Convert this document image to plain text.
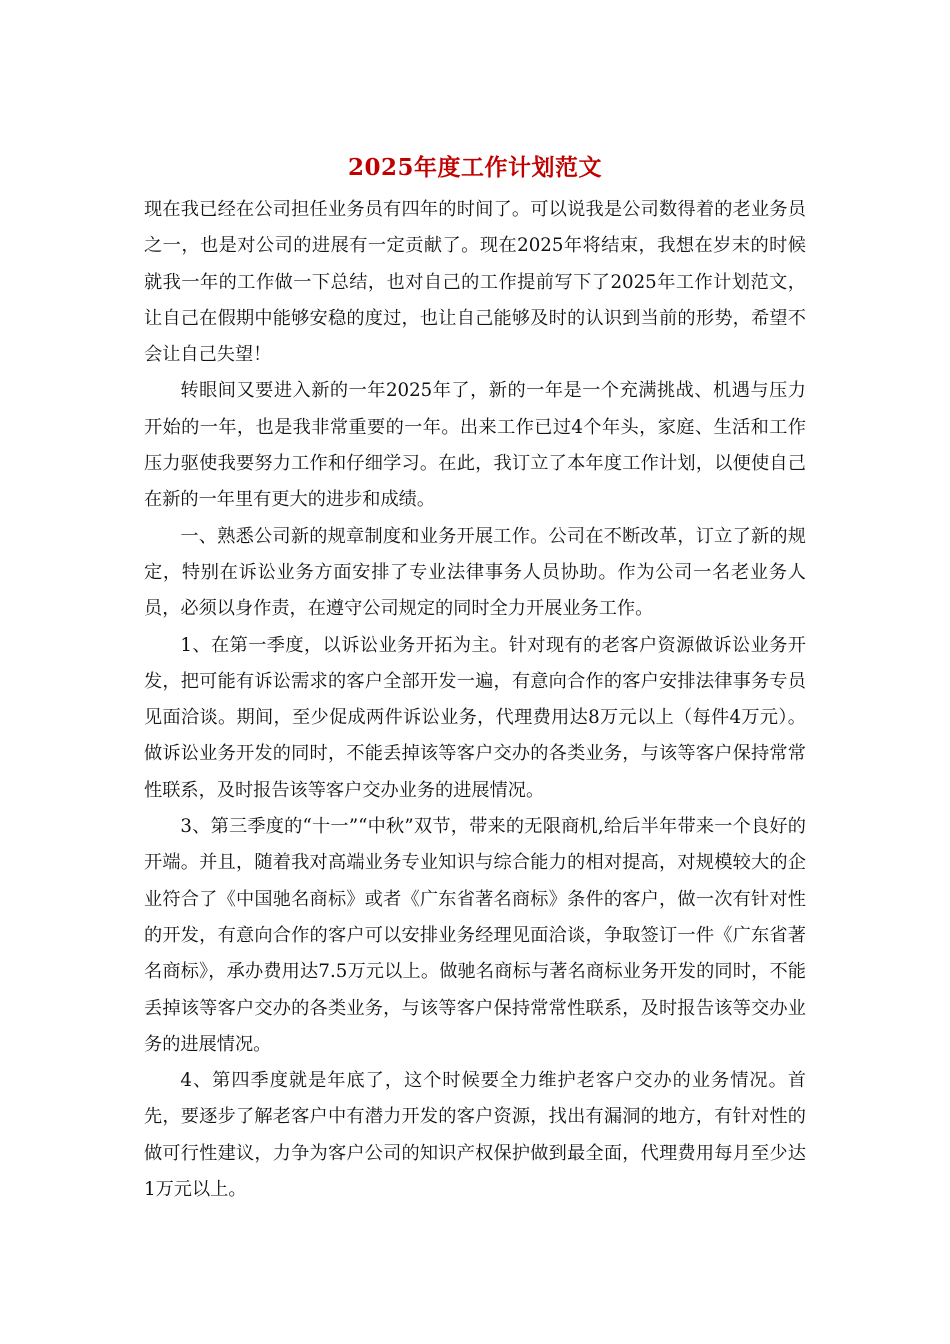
2025年度工作计划范文

现在我已经在公司担任业务员有四年的时间了。可以说我是公司数得着的老业务员之一，也是对公司的进展有一定贡献了。现在2025年将结束，我想在岁末的时候就我一年的工作做一下总结，也对自己的工作提前写下了2025年工作计划范文，让自己在假期中能够安稳的度过，也让自己能够及时的认识到当前的形势，希望不会让自己失望！

转眼间又要进入新的一年2025年了，新的一年是一个充满挑战、机遇与压力开始的一年，也是我非常重要的一年。出来工作已过4个年头，家庭、生活和工作压力驱使我要努力工作和仔细学习。在此，我订立了本年度工作计划，以便使自己在新的一年里有更大的进步和成绩。

一、熟悉公司新的规章制度和业务开展工作。公司在不断改革，订立了新的规定，特别在诉讼业务方面安排了专业法律事务人员协助。作为公司一名老业务人员，必须以身作责，在遵守公司规定的同时全力开展业务工作。

1、在第一季度，以诉讼业务开拓为主。针对现有的老客户资源做诉讼业务开发，把可能有诉讼需求的客户全部开发一遍，有意向合作的客户安排法律事务专员见面洽谈。期间，至少促成两件诉讼业务，代理费用达8万元以上（每件4万元）。做诉讼业务开发的同时，不能丢掉该等客户交办的各类业务，与该等客户保持常常性联系，及时报告该等客户交办业务的进展情况。

3、第三季度的“十一”“中秋”双节，带来的无限商机,给后半年带来一个良好的开端。并且，随着我对高端业务专业知识与综合能力的相对提高，对规模较大的企业符合了《中国驰名商标》或者《广东省著名商标》条件的客户，做一次有针对性的开发，有意向合作的客户可以安排业务经理见面洽谈，争取签订一件《广东省著名商标》，承办费用达7.5万元以上。做驰名商标与著名商标业务开发的同时，不能丢掉该等客户交办的各类业务，与该等客户保持常常性联系，及时报告该等交办业务的进展情况。

4、第四季度就是年底了，这个时候要全力维护老客户交办的业务情况。首先，要逐步了解老客户中有潜力开发的客户资源，找出有漏洞的地方，有针对性的做可行性建议，力争为客户公司的知识产权保护做到最全面，代理费用每月至少达1万元以上。
